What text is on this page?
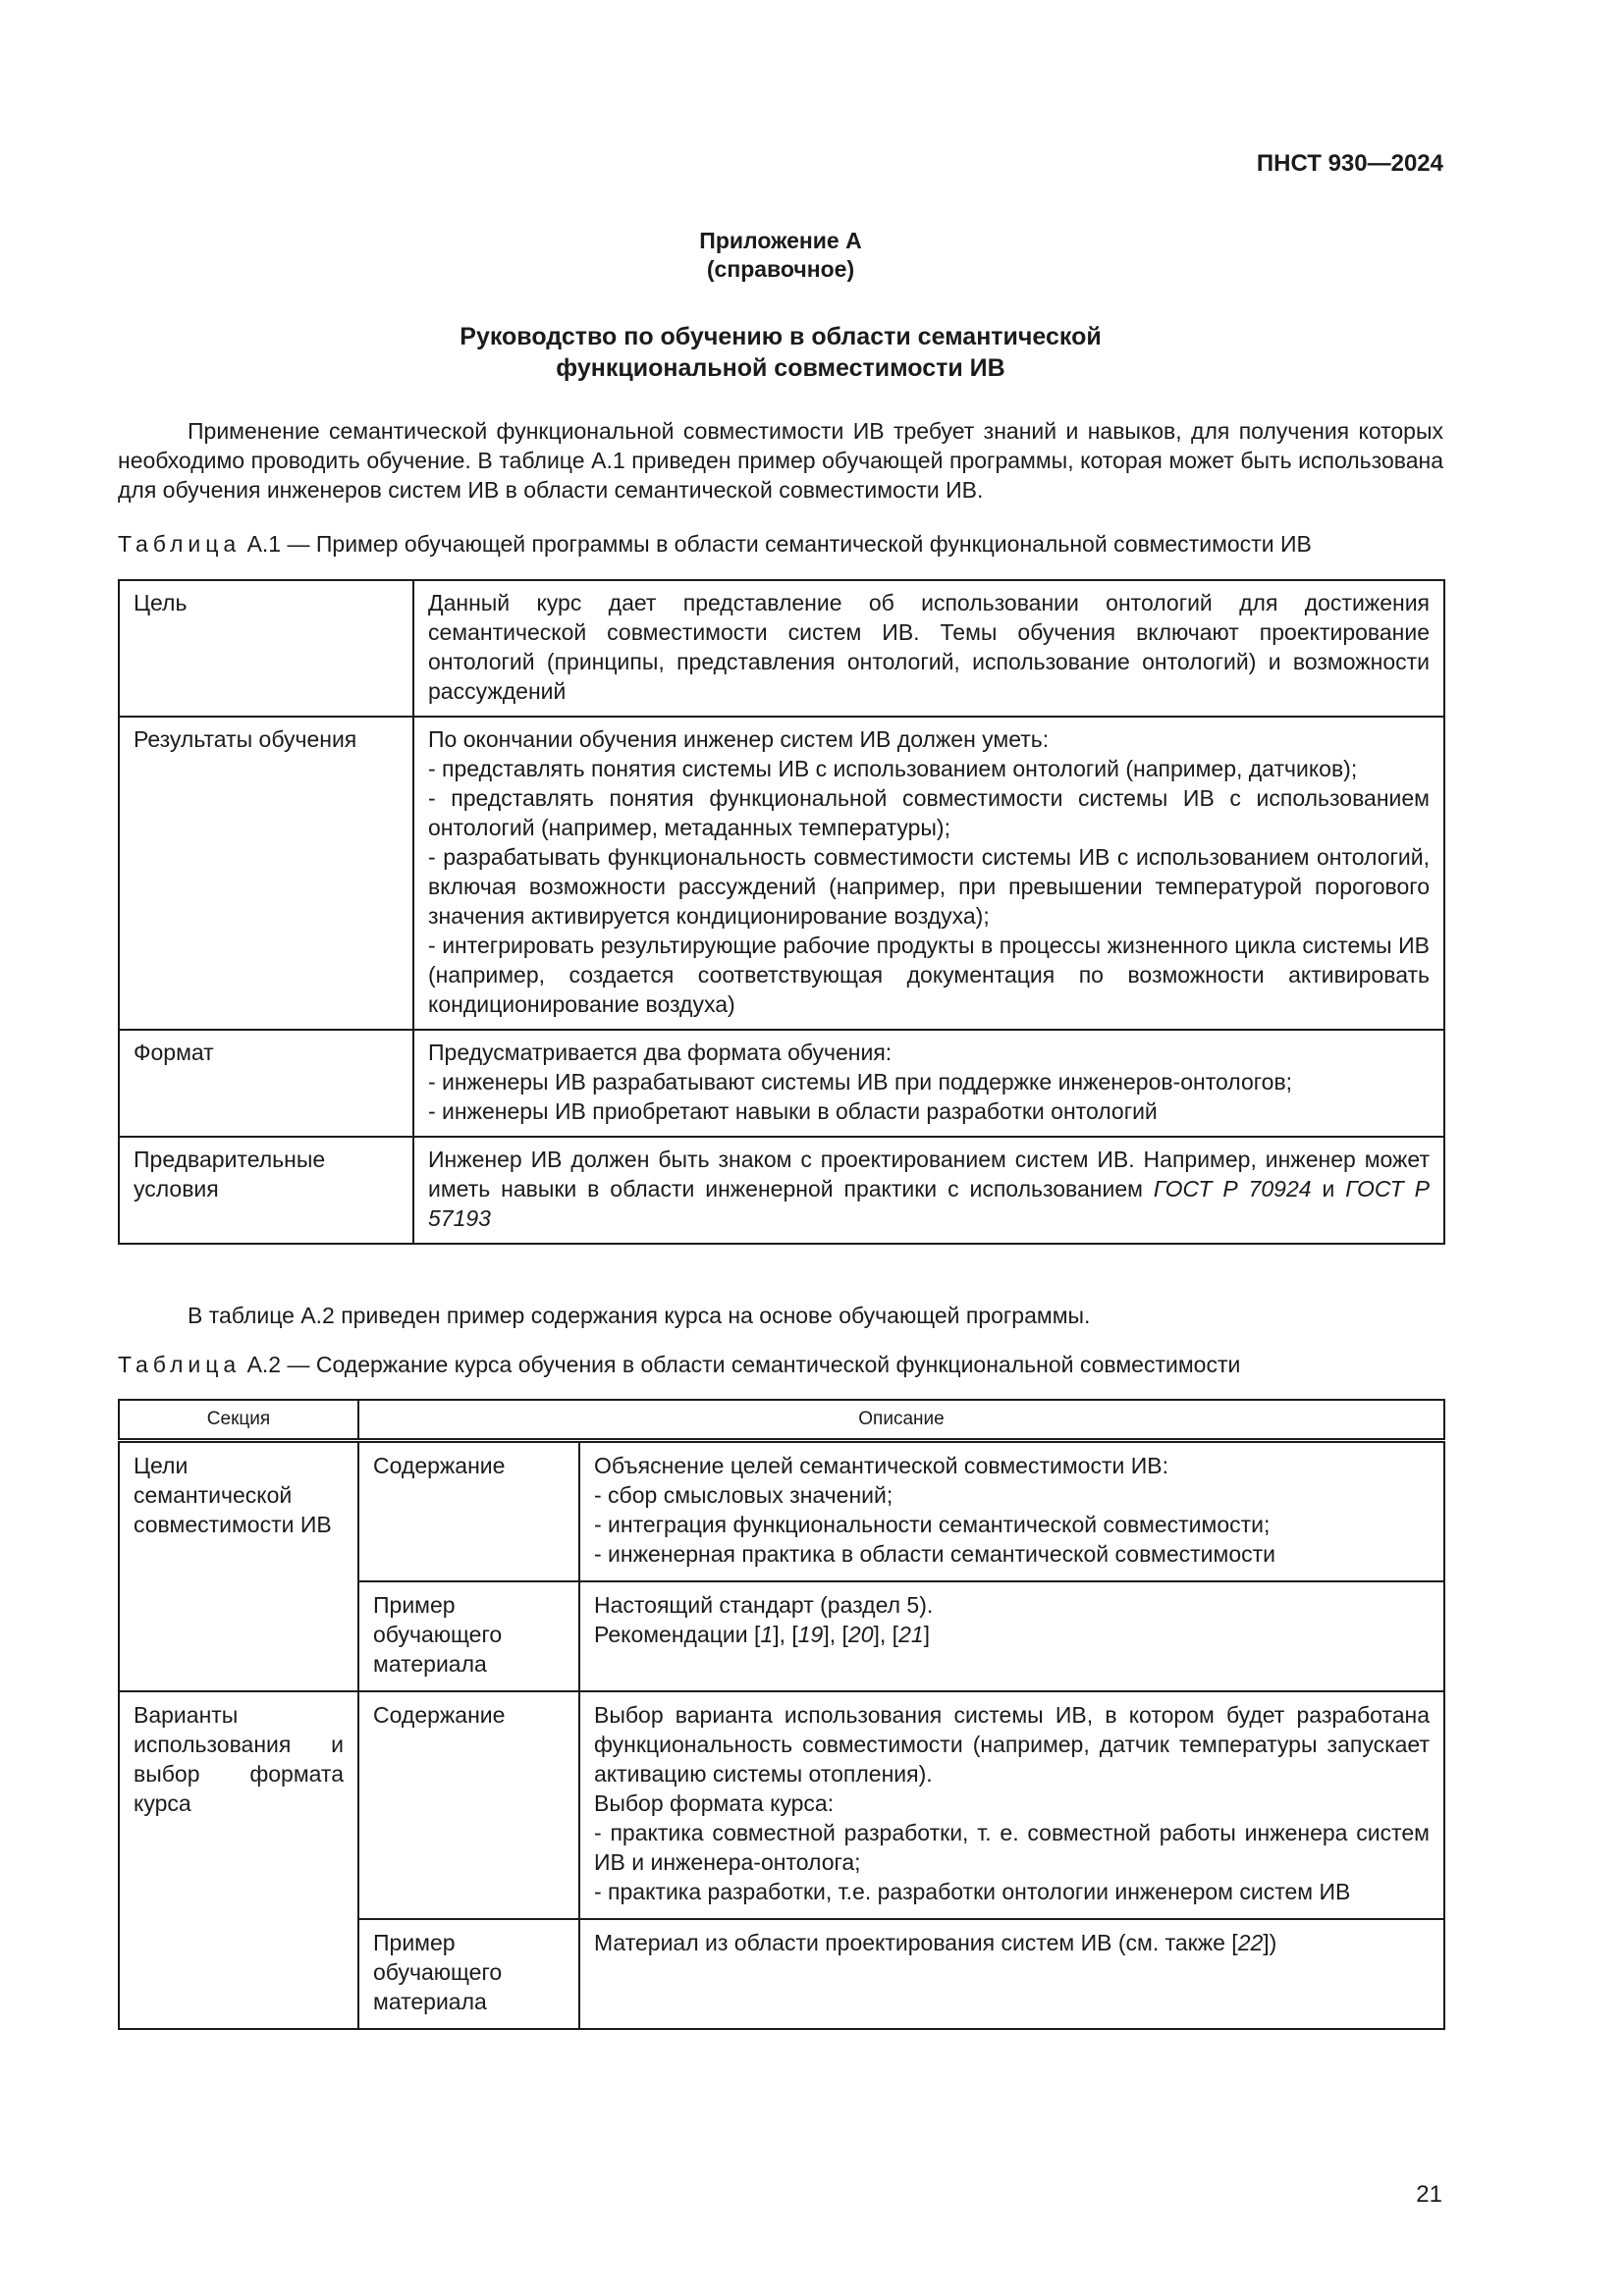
ПНСТ 930—2024
Приложение А
(справочное)
Руководство по обучению в области семантической
функциональной совместимости ИВ
Применение семантической функциональной совместимости ИВ требует знаний и навыков, для получения которых необходимо проводить обучение. В таблице А.1 приведен пример обучающей программы, которая может быть использована для обучения инженеров систем ИВ в области семантической совместимости ИВ.
Таблица А.1 — Пример обучающей программы в области семантической функциональной совместимости ИВ
Цель	Данный курс дает представление об использовании онтологий для достижения семантической совместимости систем ИВ. Темы обучения включают проектирование онтологий (принципы, представления онтологий, использование онтологий) и возможности рассуждений
Результаты обучения	По окончании обучения инженер систем ИВ должен уметь:
- представлять понятия системы ИВ с использованием онтологий (например, датчиков);
- представлять понятия функциональной совместимости системы ИВ с использованием онтологий (например, метаданных температуры);
- разрабатывать функциональность совместимости системы ИВ с использованием онтологий, включая возможности рассуждений (например, при превышении температурой порогового значения активируется кондиционирование воздуха);
- интегрировать результирующие рабочие продукты в процессы жизненного цикла системы ИВ (например, создается соответствующая документация по возможности активировать кондиционирование воздуха)

Формат	Предусматривается два формата обучения:
- инженеры ИВ разрабатывают системы ИВ при поддержке инженеров-онтологов;
- инженеры ИВ приобретают навыки в области разработки онтологий

Предварительные условия	Инженер ИВ должен быть знаком с проектированием систем ИВ. Например, инженер может иметь навыки в области инженерной практики с использованием ГОСТ Р 70924 и ГОСТ Р 57193
В таблице А.2 приведен пример содержания курса на основе обучающей программы.
Таблица А.2 — Содержание курса обучения в области семантической функциональной совместимости
Секция	Описание	
Цели семантической совместимости ИВ	Содержание	Объяснение целей семантической совместимости ИВ:
- сбор смысловых значений;
- интеграция функциональности семантической совместимости;
- инженерная практика в области семантической совместимости

	Пример обучающего материала	Настоящий стандарт (раздел 5).
Рекомендации [1], [19], [20], [21]

Варианты использования и выбор формата курса	Содержание	Выбор варианта использования системы ИВ, в котором будет разработана функциональность совместимости (например, датчик температуры запускает активацию системы отопления).
Выбор формата курса:
- практика совместной разработки, т. е. совместной работы инженера систем ИВ и инженера-онтолога;
- практика разработки, т.е. разработки онтологии инженером систем ИВ

	Пример обучающего материала	Материал из области проектирования систем ИВ (см. также [22])
21
